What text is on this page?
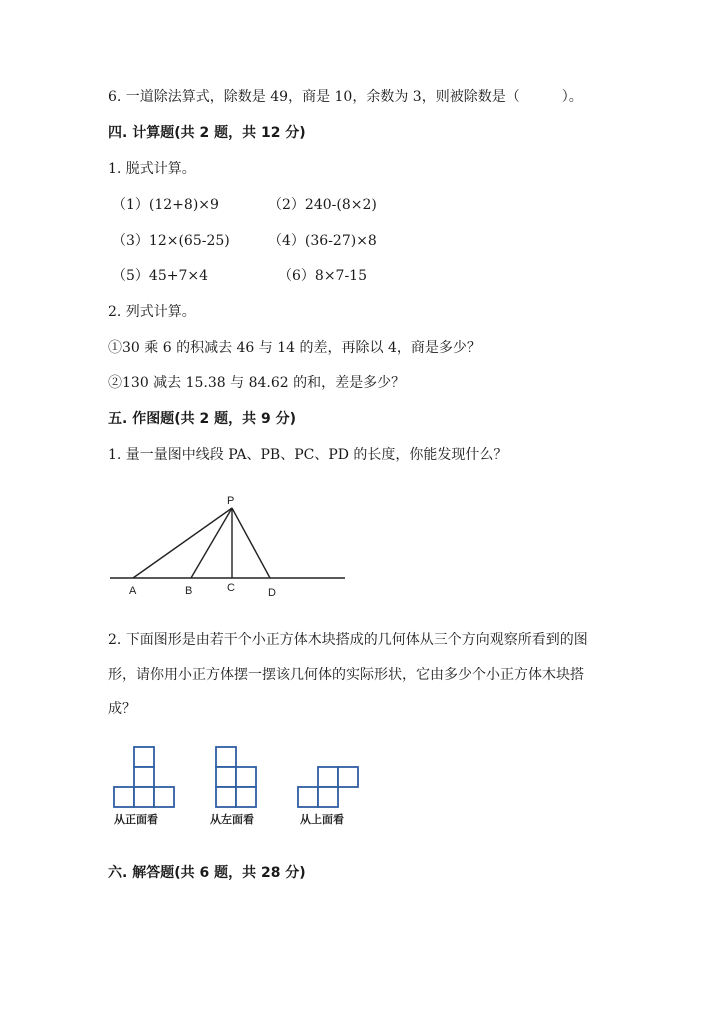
6. 一道除法算式，除数是 49，商是 10，余数为 3，则被除数是（　　　）。
四. 计算题(共 2 题，共 12 分)
1. 脱式计算。
（1）(12+8)×9	（2）240-(8×2)
（3）12×(65-25)	（4）(36-27)×8
（5）45+7×4	（6）8×7-15
2. 列式计算。
①30 乘 6 的积减去 46 与 14 的差，再除以 4，商是多少？
②130 减去 15.38 与 84.62 的和，差是多少？
五. 作图题(共 2 题，共 9 分)
1. 量一量图中线段 PA、PB、PC、PD 的长度，你能发现什么？
P
A	B	C	D
2. 下面图形是由若干个小正方体木块搭成的几何体从三个方向观察所看到的图
形，请你用小正方体摆一摆该几何体的实际形状，它由多少个小正方体木块搭
成？
从正面看	从左面看	从上面看
六. 解答题(共 6 题，共 28 分)
